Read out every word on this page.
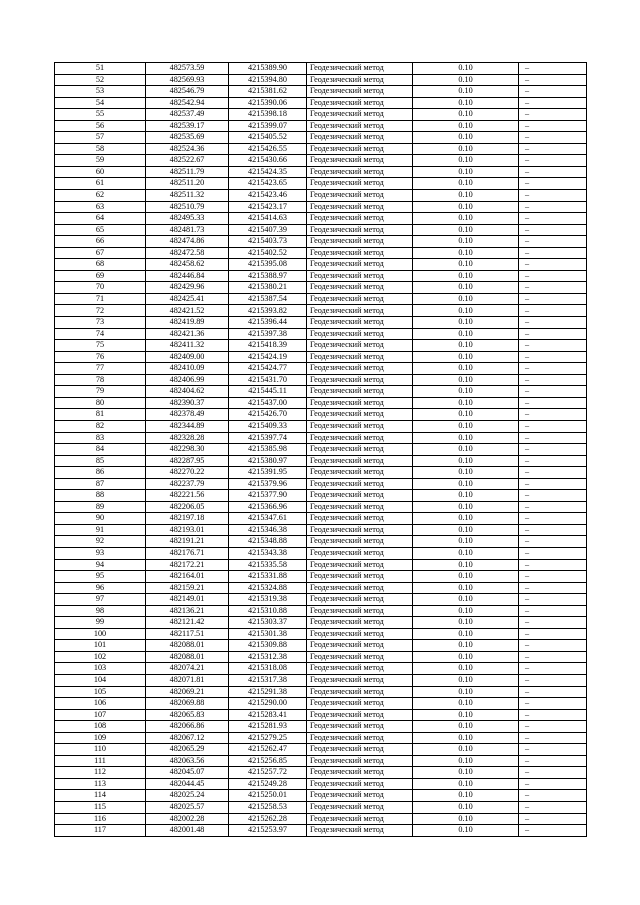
51	482573.59	4215389.90	Геодезический метод	0.10	–
52	482569.93	4215394.80	Геодезический метод	0.10	–
53	482546.79	4215381.62	Геодезический метод	0.10	–
54	482542.94	4215390.06	Геодезический метод	0.10	–
55	482537.49	4215398.18	Геодезический метод	0.10	–
56	482539.17	4215399.07	Геодезический метод	0.10	–
57	482535.69	4215405.52	Геодезический метод	0.10	–
58	482524.36	4215426.55	Геодезический метод	0.10	–
59	482522.67	4215430.66	Геодезический метод	0.10	–
60	482511.79	4215424.35	Геодезический метод	0.10	–
61	482511.20	4215423.65	Геодезический метод	0.10	–
62	482511.32	4215423.46	Геодезический метод	0.10	–
63	482510.79	4215423.17	Геодезический метод	0.10	–
64	482495.33	4215414.63	Геодезический метод	0.10	–
65	482481.73	4215407.39	Геодезический метод	0.10	–
66	482474.86	4215403.73	Геодезический метод	0.10	–
67	482472.58	4215402.52	Геодезический метод	0.10	–
68	482458.62	4215395.08	Геодезический метод	0.10	–
69	482446.84	4215388.97	Геодезический метод	0.10	–
70	482429.96	4215380.21	Геодезический метод	0.10	–
71	482425.41	4215387.54	Геодезический метод	0.10	–
72	482421.52	4215393.82	Геодезический метод	0.10	–
73	482419.89	4215396.44	Геодезический метод	0.10	–
74	482421.36	4215397.38	Геодезический метод	0.10	–
75	482411.32	4215418.39	Геодезический метод	0.10	–
76	482409.00	4215424.19	Геодезический метод	0.10	–
77	482410.09	4215424.77	Геодезический метод	0.10	–
78	482406.99	4215431.70	Геодезический метод	0.10	–
79	482404.62	4215445.11	Геодезический метод	0.10	–
80	482390.37	4215437.00	Геодезический метод	0.10	–
81	482378.49	4215426.70	Геодезический метод	0.10	–
82	482344.89	4215409.33	Геодезический метод	0.10	–
83	482328.28	4215397.74	Геодезический метод	0.10	–
84	482298.30	4215385.98	Геодезический метод	0.10	–
85	482287.95	4215380.97	Геодезический метод	0.10	–
86	482270.22	4215391.95	Геодезический метод	0.10	–
87	482237.79	4215379.96	Геодезический метод	0.10	–
88	482221.56	4215377.90	Геодезический метод	0.10	–
89	482206.05	4215366.96	Геодезический метод	0.10	–
90	482197.18	4215347.61	Геодезический метод	0.10	–
91	482193.01	4215346.38	Геодезический метод	0.10	–
92	482191.21	4215348.88	Геодезический метод	0.10	–
93	482176.71	4215343.38	Геодезический метод	0.10	–
94	482172.21	4215335.58	Геодезический метод	0.10	–
95	482164.01	4215331.88	Геодезический метод	0.10	–
96	482159.21	4215324.88	Геодезический метод	0.10	–
97	482149.01	4215319.38	Геодезический метод	0.10	–
98	482136.21	4215310.88	Геодезический метод	0.10	–
99	482121.42	4215303.37	Геодезический метод	0.10	–
100	482117.51	4215301.38	Геодезический метод	0.10	–
101	482088.01	4215309.88	Геодезический метод	0.10	–
102	482088.01	4215312.38	Геодезический метод	0.10	–
103	482074.21	4215318.08	Геодезический метод	0.10	–
104	482071.81	4215317.38	Геодезический метод	0.10	–
105	482069.21	4215291.38	Геодезический метод	0.10	–
106	482069.88	4215290.00	Геодезический метод	0.10	–
107	482065.83	4215283.41	Геодезический метод	0.10	–
108	482066.86	4215281.93	Геодезический метод	0.10	–
109	482067.12	4215279.25	Геодезический метод	0.10	–
110	482065.29	4215262.47	Геодезический метод	0.10	–
111	482063.56	4215256.85	Геодезический метод	0.10	–
112	482045.07	4215257.72	Геодезический метод	0.10	–
113	482044.45	4215249.28	Геодезический метод	0.10	–
114	482025.24	4215250.01	Геодезический метод	0.10	–
115	482025.57	4215258.53	Геодезический метод	0.10	–
116	482002.28	4215262.28	Геодезический метод	0.10	–
117	482001.48	4215253.97	Геодезический метод	0.10	–
